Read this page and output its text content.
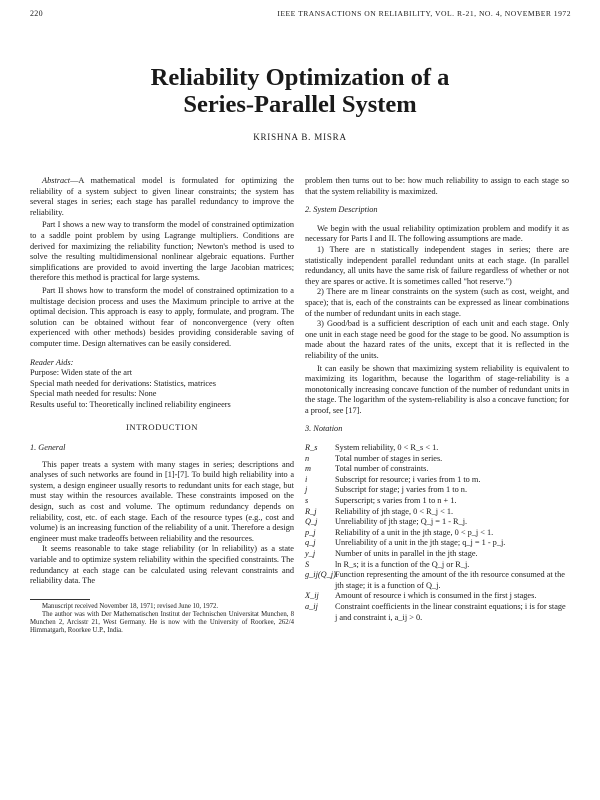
220	IEEE TRANSACTIONS ON RELIABILITY, VOL. R-21, NO. 4, NOVEMBER 1972
Reliability Optimization of a
Series-Parallel System
KRISHNA B. MISRA

Abstract—A mathematical model is formulated for optimizing the reliability of a system subject to given linear constraints; the system has several stages in series; each stage has parallel redundancy to improve the reliability.

Part I shows a new way to transform the model of constrained optimization to a saddle point problem by using Lagrange multipliers. Conditions are derived for maximizing the reliability function; Newton's method is used to solve the resulting multidimensional nonlinear algebraic equations. Further simplifications are provided to avoid inverting the large Jacobian matrices; therefore this method is practical for large systems.

Part II shows how to transform the model of constrained optimization to a multistage decision process and uses the Maximum principle to arrive at the optimal decision. This approach is easy to apply, formulate, and program. The solution can be obtained without fear of nonconvergence (very often experienced with other methods) besides providing considerable saving of computer time. Design alternatives can be easily considered.

Reader Aids:

Purpose: Widen state of the art

Special math needed for derivations: Statistics, matrices

Special math needed for results: None

Results useful to: Theoretically inclined reliability engineers

INTRODUCTION

1. General

This paper treats a system with many stages in series; descriptions and analyses of such networks are found in [1]-[7]. To build high reliability into a system, a design engineer usually resorts to redundant units for each stage, but must stay within the resources available. These constraints imposed on the design, such as cost and volume. The optimum redundancy depends on reliability, cost, etc. of each stage. Each of the resource types (e.g., cost and volume) is an increasing function of the reliability of a unit. Therefore a design engineer must make tradeoffs between reliability and the resources.

It seems reasonable to take stage reliability (or ln reliability) as a state variable and to optimize system reliability within the specified constraints. The redundancy at each stage can be calculated using relevant constraints and reliability data. The

Manuscript received November 18, 1971; revised June 10, 1972.

The author was with Der Mathematischen Institut der Technischen Universitat Munchen, 8 Munchen 2, Arcisstr 21, West Germany. He is now with the University of Roorkee, 262/4 Himmatgarh, Roorkee U.P., India.

problem then turns out to be: how much reliability to assign to each stage so that the system reliability is maximized.

2. System Description

We begin with the usual reliability optimization problem and modify it as necessary for Parts I and II. The following assumptions are made.

1) There are n statistically independent stages in series; there are statistically independent parallel redundant units at each stage. (In parallel redundancy, all units have the same risk of failure regardless of whether or not they are spares or active. It is sometimes called "hot reserve.")

2) There are m linear constraints on the system (such as cost, weight, and space); that is, each of the constraints can be expressed as linear combinations of the number of redundant units in each stage.

3) Good/bad is a sufficient description of each unit and each stage. Only one unit in each stage need be good for the stage to be good. No assumption is made about the hazard rates of the units, except that it is reflected in the reliability of the units.

It can easily be shown that maximizing system reliability is equivalent to maximizing its logarithm, because the logarithm of stage-reliability is a monotonically increasing concave function of the number of redundant units in the stage. The logarithm of the system-reliability is also a concave function; for a proof, see [17].

3. Notation

R_s	System reliability, 0 < R_s < 1.
n	Total number of stages in series.
m	Total number of constraints.
i	Subscript for resource; i varies from 1 to m.
j	Subscript for stage; j varies from 1 to n.
s	Superscript; s varies from 1 to n + 1.
R_j	Reliability of jth stage, 0 < R_j < 1.
Q_j	Unreliability of jth stage; Q_j = 1 - R_j.
p_j	Reliability of a unit in the jth stage, 0 < p_j < 1.
q_j	Unreliability of a unit in the jth stage; q_j = 1 - p_j.
y_j	Number of units in parallel in the jth stage.
S	ln R_s; it is a function of the Q_j or R_j.
g_ij(Q_j) Function representing the amount of the ith resource consumed at the jth stage; it is a function of Q_j.
X_ij	Amount of resource i which is consumed in the first j stages.
a_ij	Constraint coefficients in the linear constraint equations; i is for stage j and constraint i, a_ij > 0.
